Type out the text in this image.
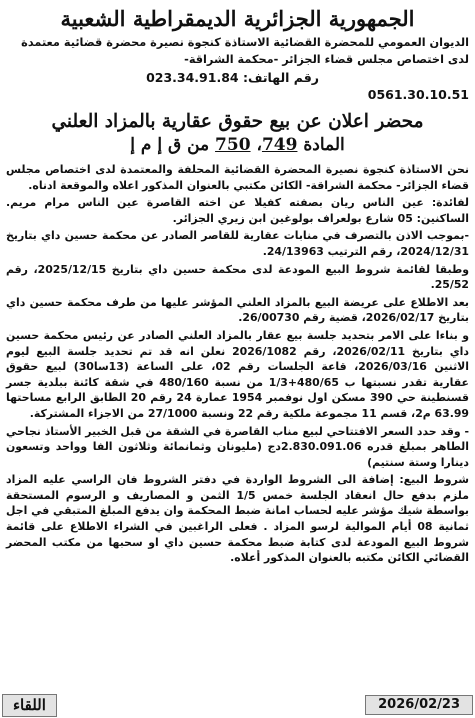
الجمهورية الجزائرية الديمقراطية الشعبية

الديوان العمومي للمحضرة القضائية الاستاذة كنجوة نصيرة محضرة قضائية معتمدة لدى اختصاص مجلس قضاء الجزائر -محكمة الشراقة-

رقم الهاتف: 023.34.91.84

0561.30.10.51

محضر اعلان عن بيع حقوق عقارية بالمزاد العلني

المادة 749، 750 من ق إ م إ

نحن الاستاذة كنجوة نصيرة المحضرة القضائية المحلفة والمعتمدة لدى اختصاص مجلس قضاء الجزائر- محكمة الشراقة- الكائن مكتبي بالعنوان المذكور اعلاه والموقعة ادناه.

لفائدة: عين الناس ريان بصفته كفيلا عن اخته القاصرة عين الناس مرام مريم. الساكنين: 05 شارع بولعراف بولوغين ابن زيري الجزائر.

-بموجب الاذن بالتصرف في منابات عقارية للقاصر الصادر عن محكمة حسين داي بتاريخ 2024/12/31، رقم الترتيب 24/13963.

وطبقا لقائمة شروط البيع المودعة لدى محكمة حسين داي بتاريخ 2025/12/15، رقم 25/52.

بعد الاطلاع على عريضة البيع بالمزاد العلني المؤشر عليها من طرف محكمة حسين داي بتاريخ 2026/02/17، قضية رقم 26/00730.

و بناءا على الامر بتحديد جلسة بيع عقار بالمزاد العلني الصادر عن رئيس محكمة حسين داي بتاريخ 2026/02/11، رقم 2026/1082 نعلن انه قد تم تحديد جلسة البيع ليوم الاثنين 2026/03/16، قاعة الجلسات رقم 02، على الساعة (13سا30) لبيع حقوق عقارية تقدر نسبتها ب 480/65+1/3 من نسبة 480/160 في شقة كائنة ببلدية جسر قسنطينة حي 390 مسكن اول نوفمبر 1954 عمارة 24 رقم 20 الطابق الرابع مساحتها 63.99 م2، قسم 11 مجموعة ملكية رقم 22 ونسبة 27/1000 من الاجزاء المشتركة.

- وقد حدد السعر الافتتاحي لبيع مناب القاصرة في الشقة من قبل الخبير الأستاذ نجاحي الطاهر بمبلغ قدره 2.830.091.06دج (مليونان وثمانمائة وثلاثون الفا وواحد وتسعون دينارا وستة سنتيم)

شروط البيع: إضافة الى الشروط الواردة في دفتر الشروط فان الراسي عليه المزاد ملزم بدفع حال انعقاد الجلسة خمس 1/5 الثمن و المصاريف و الرسوم المستحقة بواسطة شيك مؤشر عليه لحساب امانة ضبط المحكمة وان يدفع المبلغ المتبقي في اجل ثمانية 08 أيام الموالية لرسو المزاد . فعلى الراغبين في الشراء الاطلاع على قائمة شروط البيع المودعة لدى كتابة ضبط محكمة حسين داي او سحبها من مكتب المحضر القضائي الكائن مكتبه بالعنوان المذكور أعلاه.

اللقاء	2026/02/23
